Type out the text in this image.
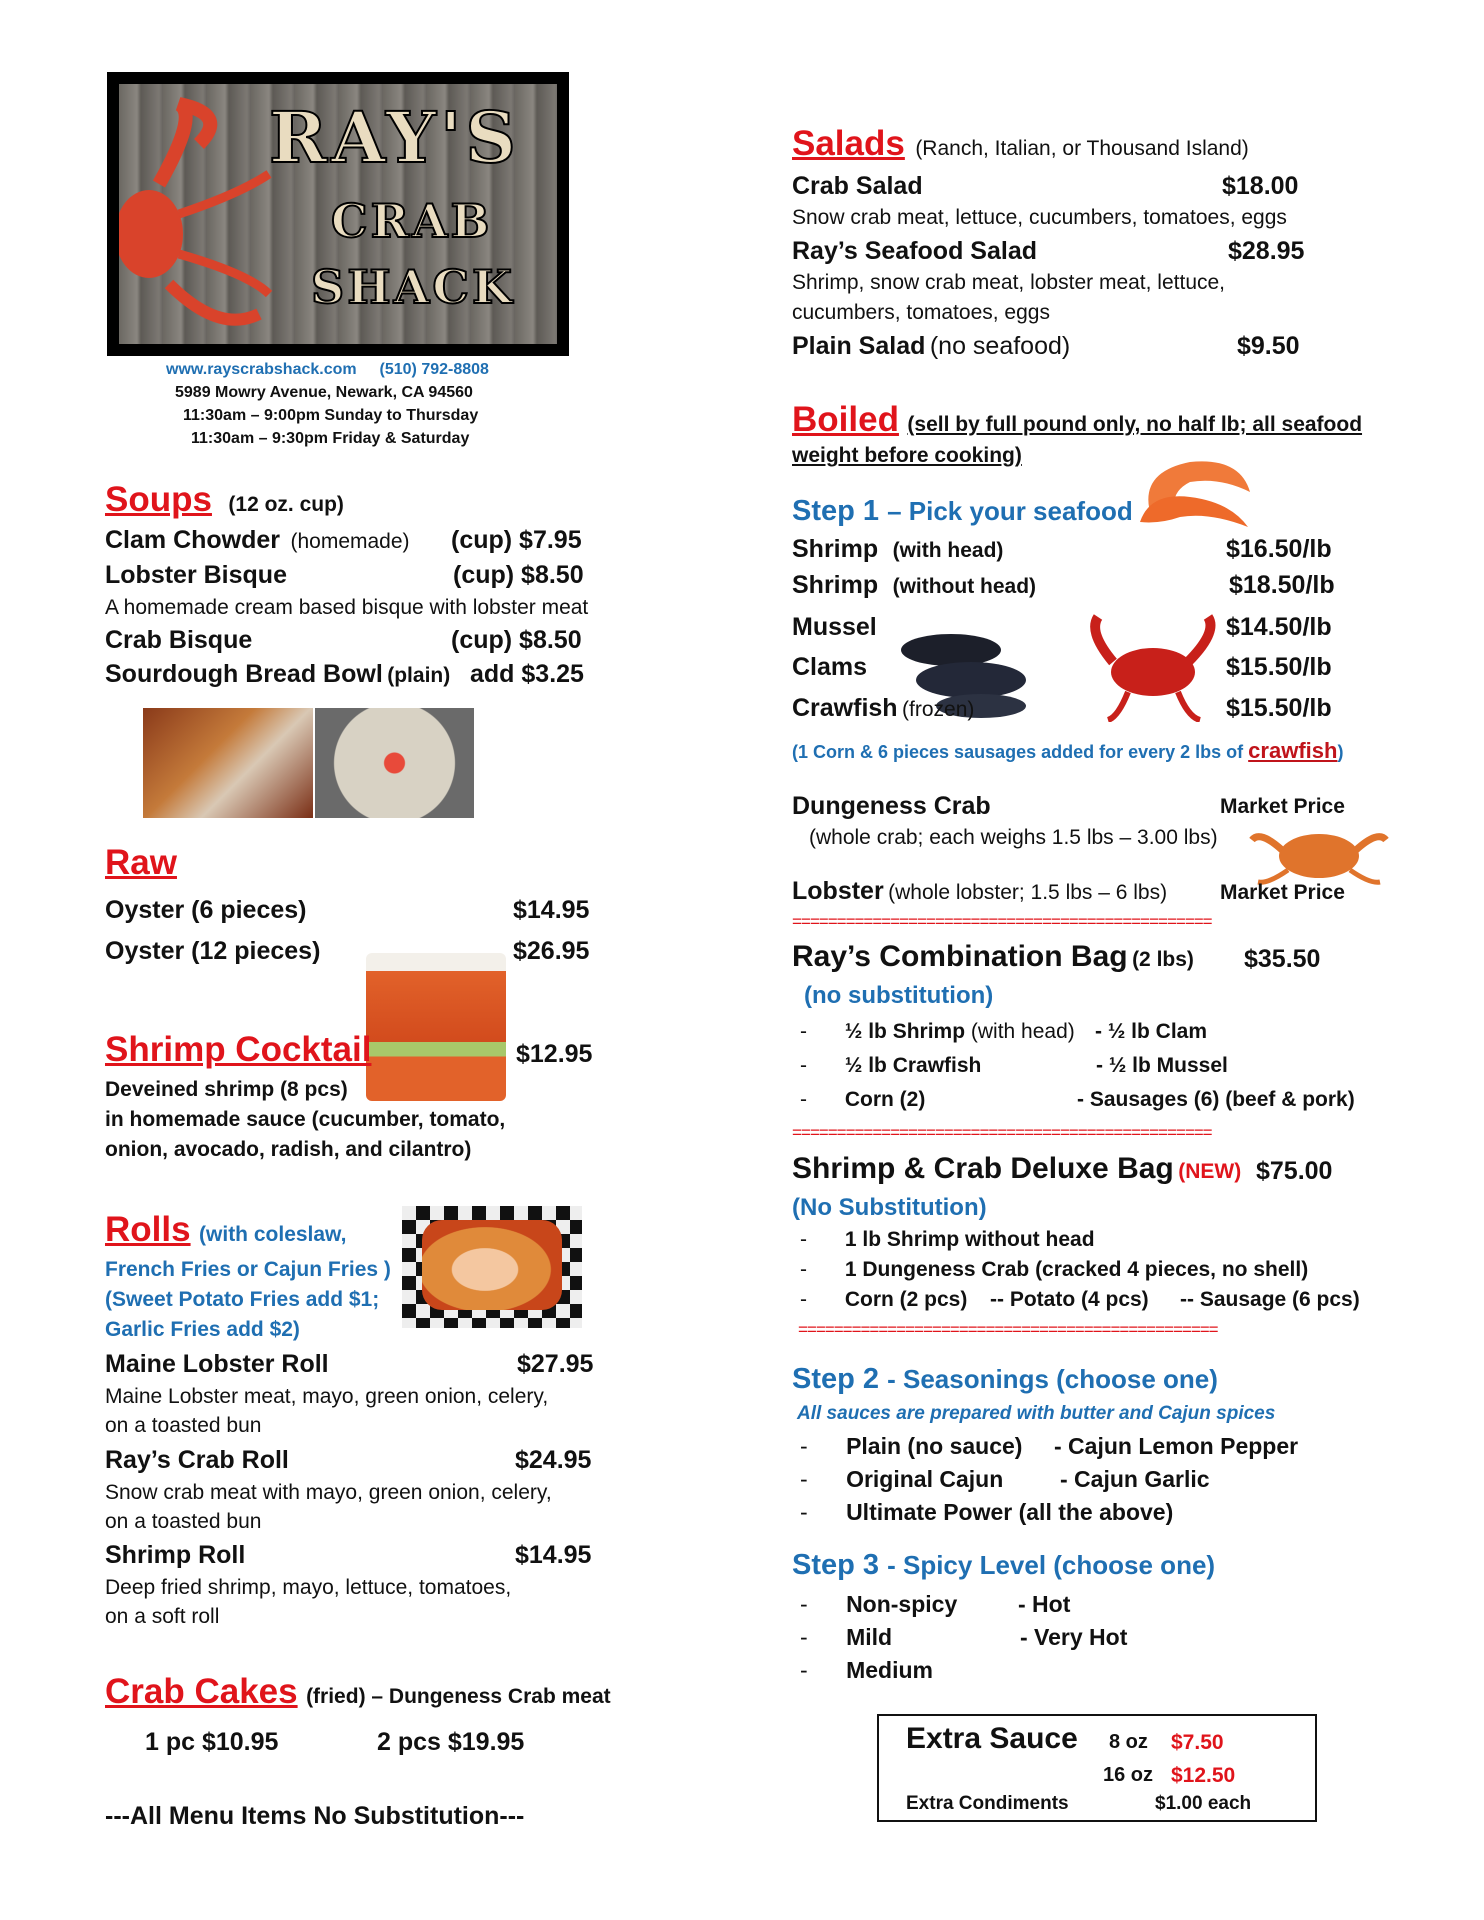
RAY'S
CRAB
SHACK
www.rayscrabshack.com (510) 792-8808
5989 Mowry Avenue, Newark, CA 94560
11:30am – 9:00pm Sunday to Thursday
11:30am – 9:30pm Friday & Saturday
Soups (12 oz. cup)
Clam Chowder (homemade) (cup) $7.95
Lobster Bisque	(cup) $8.50
A homemade cream based bisque with lobster meat
Crab Bisque	(cup) $8.50
Sourdough Bread Bowl (plain) add $3.25
Raw
Oyster (6 pieces)	$14.95
Oyster (12 pieces)	$26.95
Shrimp Cocktail	$12.95
Deveined shrimp (8 pcs)
in homemade sauce (cucumber, tomato,
onion, avocado, radish, and cilantro)
Rolls (with coleslaw,
French Fries or Cajun Fries )
(Sweet Potato Fries add $1;
Garlic Fries add $2)
Maine Lobster Roll	$27.95
Maine Lobster meat, mayo, green onion, celery,
on a toasted bun
Ray’s Crab Roll	$24.95
Snow crab meat with mayo, green onion, celery,
on a toasted bun
Shrimp Roll	$14.95
Deep fried shrimp, mayo, lettuce, tomatoes,
on a soft roll
Crab Cakes (fried) – Dungeness Crab meat
1 pc $10.95	2 pcs $19.95
---All Menu Items No Substitution---
Salads (Ranch, Italian, or Thousand Island)
Crab Salad	$18.00
Snow crab meat, lettuce, cucumbers, tomatoes, eggs
Ray’s Seafood Salad	$28.95
Shrimp, snow crab meat, lobster meat, lettuce,
cucumbers, tomatoes, eggs
Plain Salad (no seafood)	$9.50
Boiled (sell by full pound only, no half lb; all seafood
weight before cooking)
Step 1 – Pick your seafood
Shrimp (with head)	$16.50/lb
Shrimp (without head)	$18.50/lb
Mussel	$14.50/lb
Clams	$15.50/lb
Crawfish (frozen)	$15.50/lb
(1 Corn & 6 pieces sausages added for every 2 lbs of crawfish)
Dungeness Crab	Market Price
(whole crab; each weighs 1.5 lbs – 3.00 lbs)
Lobster (whole lobster; 1.5 lbs – 6 lbs)	Market Price
===============================================
Ray’s Combination Bag (2 lbs) $35.50
(no substitution)
- ½ lb Shrimp (with head) - ½ lb Clam
- ½ lb Crawfish	- ½ lb Mussel
- Corn (2)	- Sausages (6) (beef & pork)
===============================================
Shrimp & Crab Deluxe Bag (NEW) $75.00
(No Substitution)
- 1 lb Shrimp without head
- 1 Dungeness Crab (cracked 4 pieces, no shell)
- Corn (2 pcs) -- Potato (4 pcs) -- Sausage (6 pcs)
===============================================
Step 2 - Seasonings (choose one)
All sauces are prepared with butter and Cajun spices
- Plain (no sauce) - Cajun Lemon Pepper
- Original Cajun - Cajun Garlic
- Ultimate Power (all the above)
Step 3 - Spicy Level (choose one)
- Non-spicy	- Hot
- Mild	- Very Hot
- Medium
Extra Sauce 8 oz $7.50
16 oz $12.50
Extra Condiments	$1.00 each
